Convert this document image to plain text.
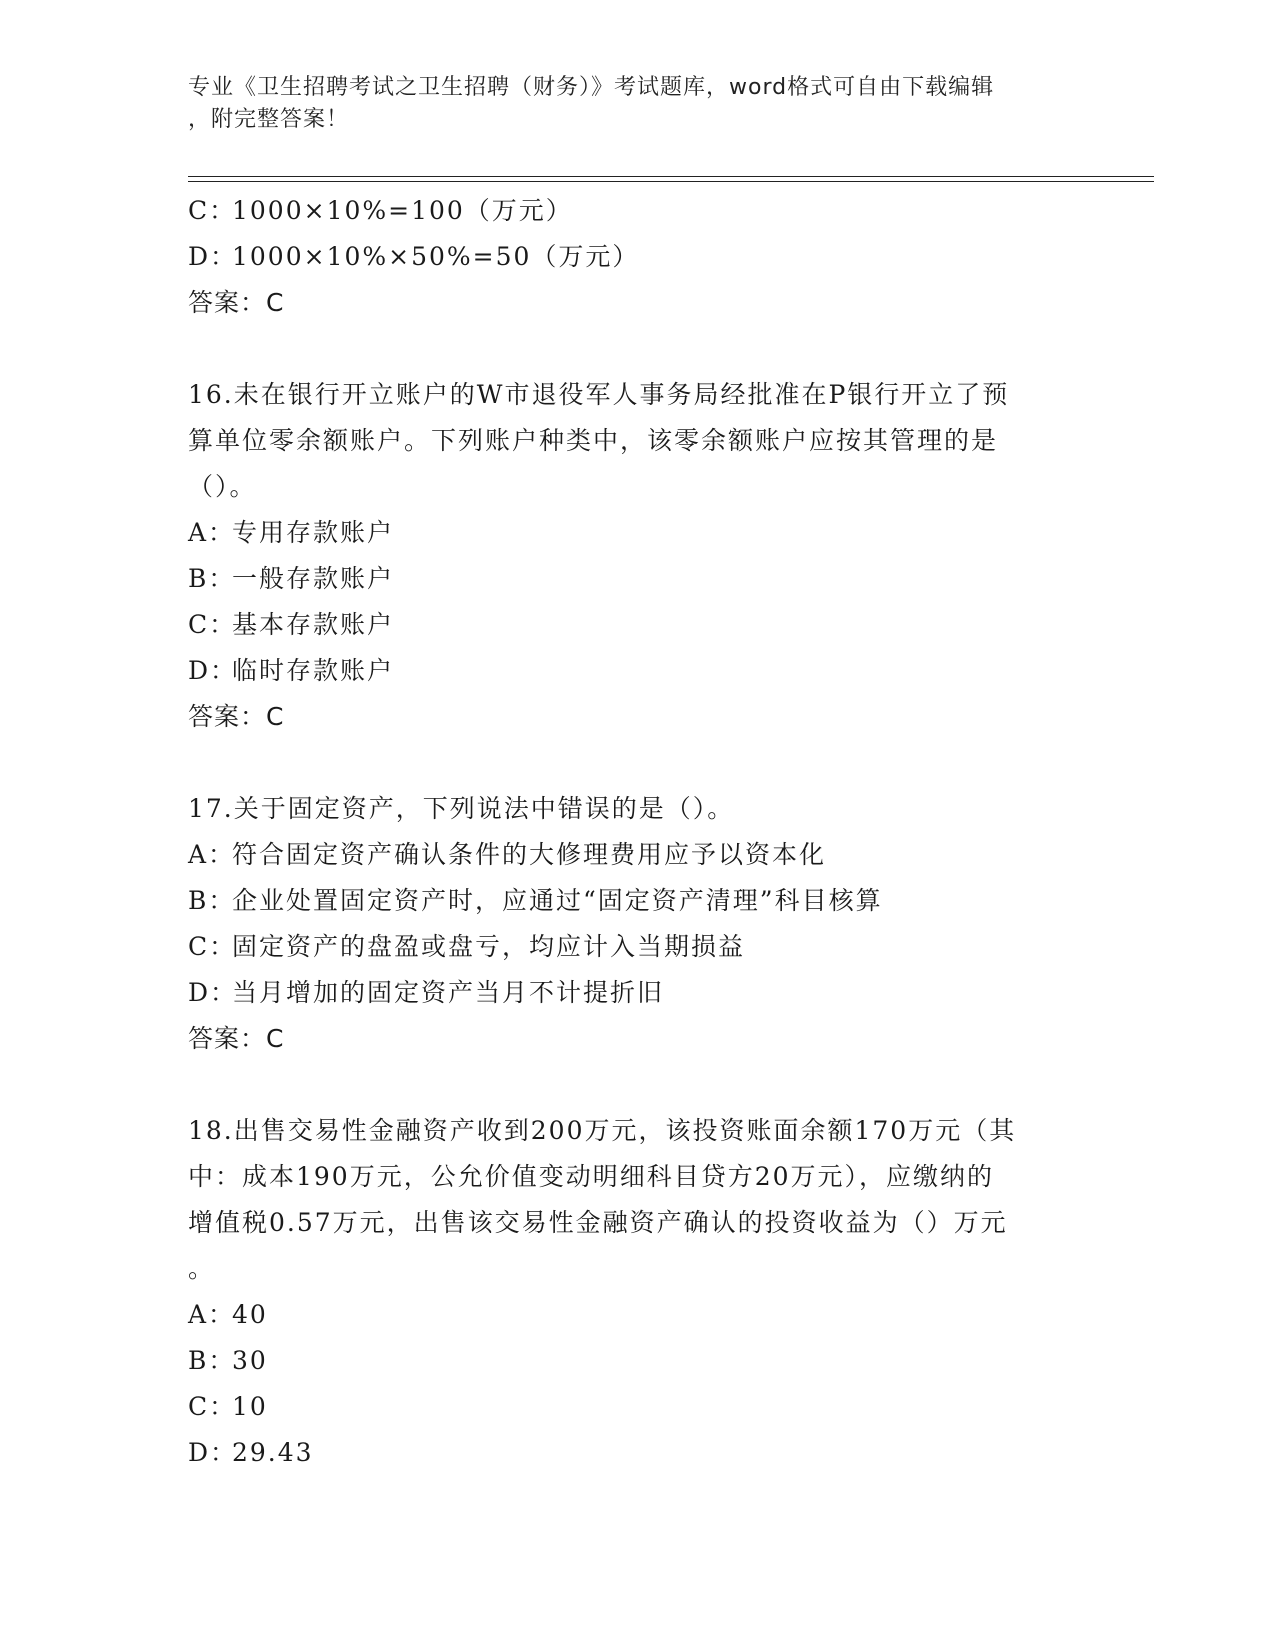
专业《卫生招聘考试之卫生招聘（财务）》考试题库，word格式可自由下载编辑
，附完整答案！
C：1000×10%=100（万元）
D：1000×10%×50%=50（万元）
答案：C
16.未在银行开立账户的W市退役军人事务局经批准在P银行开立了预
算单位零余额账户。下列账户种类中，该零余额账户应按其管理的是
（）。
A：专用存款账户
B：一般存款账户
C：基本存款账户
D：临时存款账户
答案：C
17.关于固定资产，下列说法中错误的是（）。
A：符合固定资产确认条件的大修理费用应予以资本化
B：企业处置固定资产时，应通过“固定资产清理”科目核算
C：固定资产的盘盈或盘亏，均应计入当期损益
D：当月增加的固定资产当月不计提折旧
答案：C
18.出售交易性金融资产收到200万元，该投资账面余额170万元（其
中：成本190万元，公允价值变动明细科目贷方20万元），应缴纳的
增值税0.57万元，出售该交易性金融资产确认的投资收益为（）万元
。
A：40
B：30
C：10
D：29.43
